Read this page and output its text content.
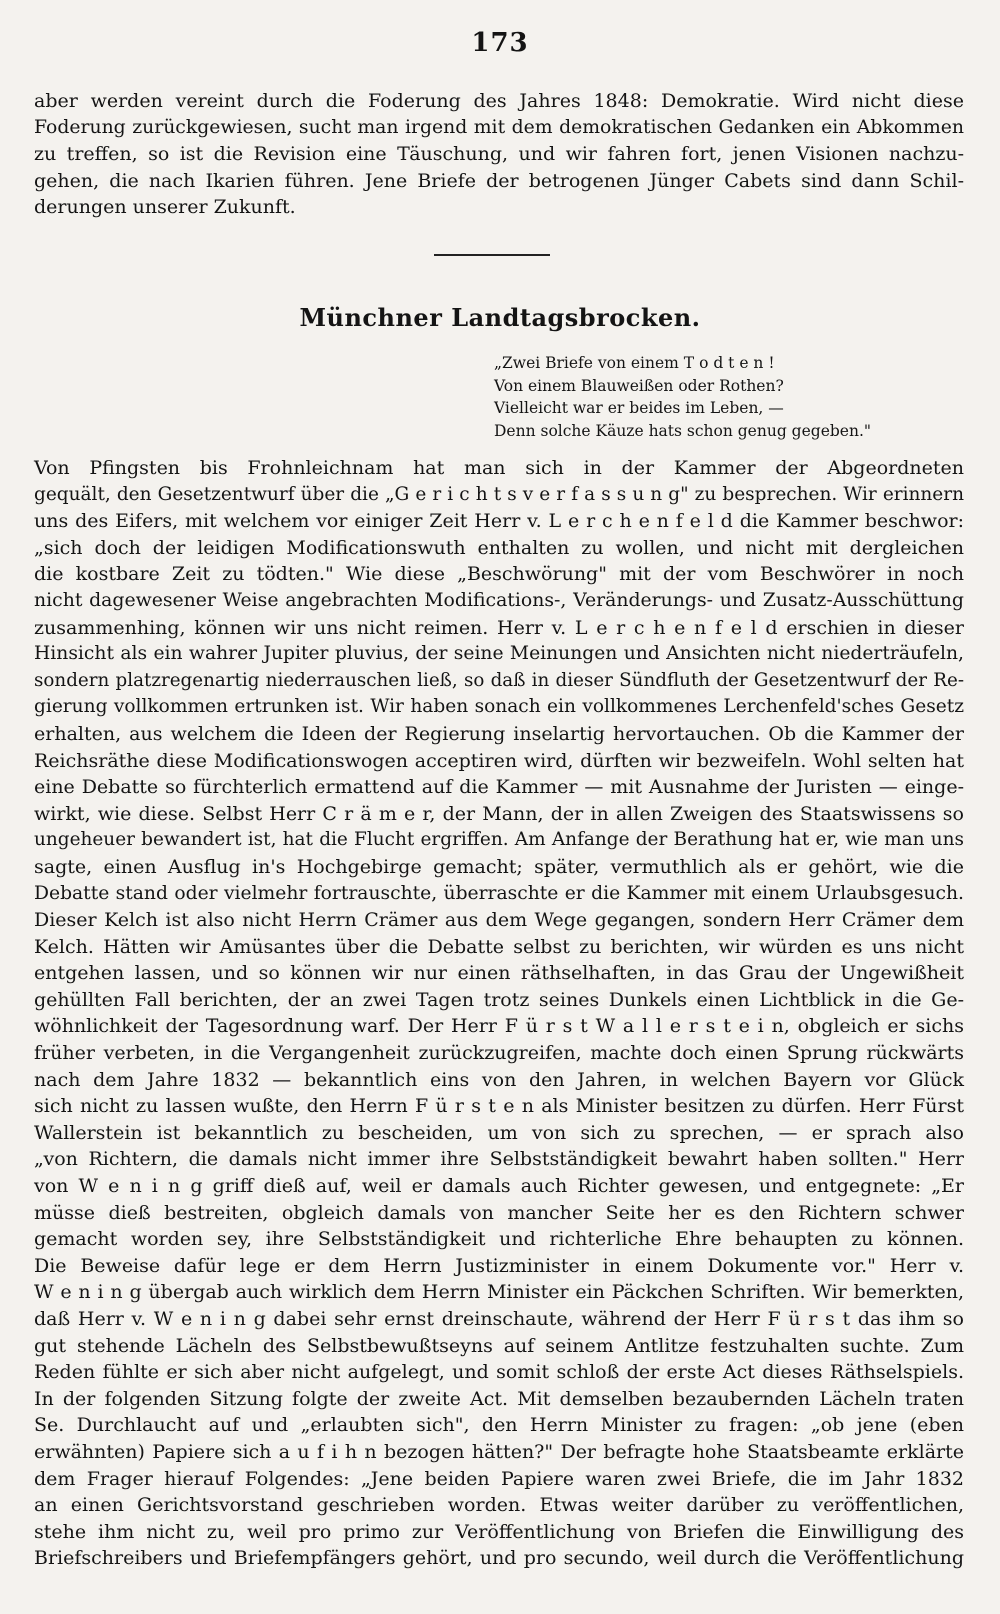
173
aber werden vereint durch die Foderung des Jahres 1848: Demokratie. Wird nicht diese
Foderung zurückgewiesen, sucht man irgend mit dem demokratischen Gedanken ein Abkommen
zu treffen, so ist die Revision eine Täuschung, und wir fahren fort, jenen Visionen nachzu-
gehen, die nach Ikarien führen. Jene Briefe der betrogenen Jünger Cabets sind dann Schil-
derungen unserer Zukunft.
Münchner Landtagsbrocken.
„Zwei Briefe von einem T o d t e n !
Von einem Blauweißen oder Rothen?
Vielleicht war er beides im Leben, —
Denn solche Käuze hats schon genug gegeben."
Von Pfingsten bis Frohnleichnam hat man sich in der Kammer der Abgeordneten
gequält, den Gesetzentwurf über die „G e r i c h t s v e r f a s s u n g" zu besprechen. Wir erinnern
uns des Eifers, mit welchem vor einiger Zeit Herr v. L e r c h e n f e l d die Kammer beschwor:
„sich doch der leidigen Modificationswuth enthalten zu wollen, und nicht mit dergleichen
die kostbare Zeit zu tödten." Wie diese „Beschwörung" mit der vom Beschwörer in noch
nicht dagewesener Weise angebrachten Modifications-, Veränderungs- und Zusatz-Ausschüttung
zusammenhing, können wir uns nicht reimen. Herr v. L e r c h e n f e l d erschien in dieser
Hinsicht als ein wahrer Jupiter pluvius, der seine Meinungen und Ansichten nicht niederträufeln,
sondern platzregenartig niederrauschen ließ, so daß in dieser Sündfluth der Gesetzentwurf der Re-
gierung vollkommen ertrunken ist. Wir haben sonach ein vollkommenes Lerchenfeld'sches Gesetz
erhalten, aus welchem die Ideen der Regierung inselartig hervortauchen. Ob die Kammer der
Reichsräthe diese Modificationswogen acceptiren wird, dürften wir bezweifeln. Wohl selten hat
eine Debatte so fürchterlich ermattend auf die Kammer — mit Ausnahme der Juristen — einge-
wirkt, wie diese. Selbst Herr C r ä m e r, der Mann, der in allen Zweigen des Staatswissens so
ungeheuer bewandert ist, hat die Flucht ergriffen. Am Anfange der Berathung hat er, wie man uns
sagte, einen Ausflug in's Hochgebirge gemacht; später, vermuthlich als er gehört, wie die
Debatte stand oder vielmehr fortrauschte, überraschte er die Kammer mit einem Urlaubsgesuch.
Dieser Kelch ist also nicht Herrn Crämer aus dem Wege gegangen, sondern Herr Crämer dem
Kelch. Hätten wir Amüsantes über die Debatte selbst zu berichten, wir würden es uns nicht
entgehen lassen, und so können wir nur einen räthselhaften, in das Grau der Ungewißheit
gehüllten Fall berichten, der an zwei Tagen trotz seines Dunkels einen Lichtblick in die Ge-
wöhnlichkeit der Tagesordnung warf. Der Herr F ü r s t W a l l e r s t e i n, obgleich er sichs
früher verbeten, in die Vergangenheit zurückzugreifen, machte doch einen Sprung rückwärts
nach dem Jahre 1832 — bekanntlich eins von den Jahren, in welchen Bayern vor Glück
sich nicht zu lassen wußte, den Herrn F ü r s t e n als Minister besitzen zu dürfen. Herr Fürst
Wallerstein ist bekanntlich zu bescheiden, um von sich zu sprechen, — er sprach also
„von Richtern, die damals nicht immer ihre Selbstständigkeit bewahrt haben sollten." Herr
von W e n i n g griff dieß auf, weil er damals auch Richter gewesen, und entgegnete: „Er
müsse dieß bestreiten, obgleich damals von mancher Seite her es den Richtern schwer
gemacht worden sey, ihre Selbstständigkeit und richterliche Ehre behaupten zu können.
Die Beweise dafür lege er dem Herrn Justizminister in einem Dokumente vor." Herr v.
W e n i n g übergab auch wirklich dem Herrn Minister ein Päckchen Schriften. Wir bemerkten,
daß Herr v. W e n i n g dabei sehr ernst dreinschaute, während der Herr F ü r s t das ihm so
gut stehende Lächeln des Selbstbewußtseyns auf seinem Antlitze festzuhalten suchte. Zum
Reden fühlte er sich aber nicht aufgelegt, und somit schloß der erste Act dieses Räthselspiels.
In der folgenden Sitzung folgte der zweite Act. Mit demselben bezaubernden Lächeln traten
Se. Durchlaucht auf und „erlaubten sich", den Herrn Minister zu fragen: „ob jene (eben
erwähnten) Papiere sich a u f i h n bezogen hätten?" Der befragte hohe Staatsbeamte erklärte
dem Frager hierauf Folgendes: „Jene beiden Papiere waren zwei Briefe, die im Jahr 1832
an einen Gerichtsvorstand geschrieben worden. Etwas weiter darüber zu veröffentlichen,
stehe ihm nicht zu, weil pro primo zur Veröffentlichung von Briefen die Einwilligung des
Briefschreibers und Briefempfängers gehört, und pro secundo, weil durch die Veröffentlichung
